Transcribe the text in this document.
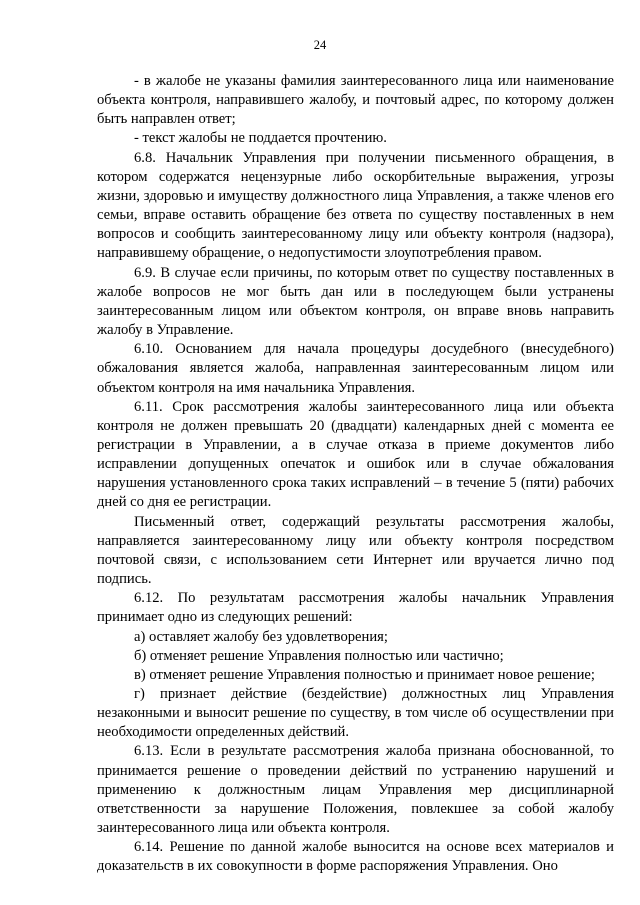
24

- в жалобе не указаны фамилия заинтересованного лица или наименование объекта контроля, направившего жалобу, и почтовый адрес, по которому должен быть направлен ответ;

- текст жалобы не поддается прочтению.

6.8. Начальник Управления при получении письменного обращения, в котором содержатся нецензурные либо оскорбительные выражения, угрозы жизни, здоровью и имуществу должностного лица Управления, а также членов его семьи, вправе оставить обращение без ответа по существу поставленных в нем вопросов и сообщить заинтересованному лицу или объекту контроля (надзора), направившему обращение, о недопустимости злоупотребления правом.

6.9. В случае если причины, по которым ответ по существу поставленных в жалобе вопросов не мог быть дан или в последующем были устранены заинтересованным лицом или объектом контроля, он вправе вновь направить жалобу в Управление.

6.10. Основанием для начала процедуры досудебного (внесудебного) обжалования является жалоба, направленная заинтересованным лицом или объектом контроля на имя начальника Управления.

6.11. Срок рассмотрения жалобы заинтересованного лица или объекта контроля не должен превышать 20 (двадцати) календарных дней с момента ее регистрации в Управлении, а в случае отказа в приеме документов либо исправлении допущенных опечаток и ошибок или в случае обжалования нарушения установленного срока таких исправлений – в течение 5 (пяти) рабочих дней со дня ее регистрации.

Письменный ответ, содержащий результаты рассмотрения жалобы, направляется заинтересованному лицу или объекту контроля посредством почтовой связи, с использованием сети Интернет или вручается лично под подпись.

6.12. По результатам рассмотрения жалобы начальник Управления принимает одно из следующих решений:

а) оставляет жалобу без удовлетворения;

б) отменяет решение Управления полностью или частично;

в) отменяет решение Управления полностью и принимает новое решение;

г) признает действие (бездействие) должностных лиц Управления незаконными и выносит решение по существу, в том числе об осуществлении при необходимости определенных действий.

6.13. Если в результате рассмотрения жалоба признана обоснованной, то принимается решение о проведении действий по устранению нарушений и применению к должностным лицам Управления мер дисциплинарной ответственности за нарушение Положения, повлекшее за собой жалобу заинтересованного лица или объекта контроля.

6.14. Решение по данной жалобе выносится на основе всех материалов и доказательств в их совокупности в форме распоряжения Управления. Оно
